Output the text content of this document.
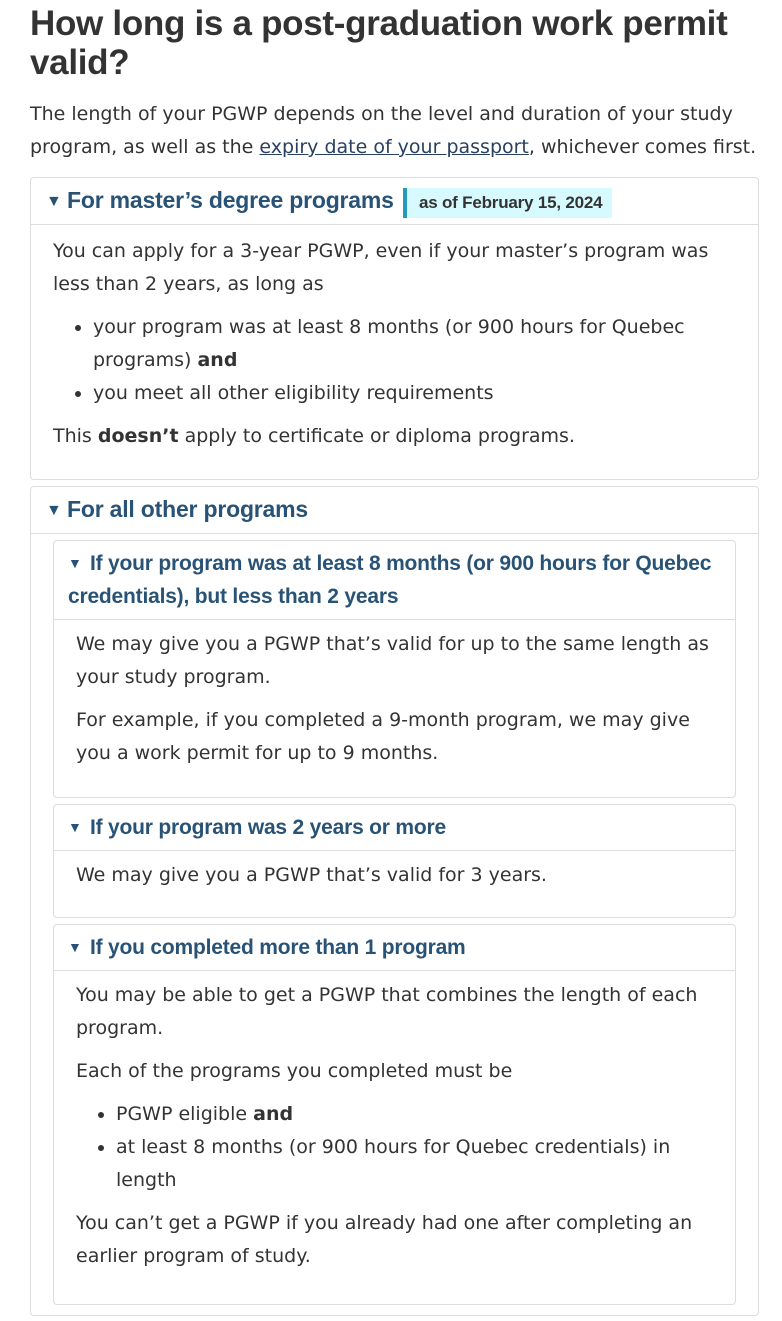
How long is a post-graduation work permit valid?

The length of your PGWP depends on the level and duration of your study program, as well as the expiry date of your passport, whichever comes first.

▼ For master’s degree programs as of February 15, 2024

You can apply for a 3-year PGWP, even if your master’s program was less than 2 years, as long as

• your program was at least 8 months (or 900 hours for Quebec programs) and
• you meet all other eligibility requirements

This doesn’t apply to certificate or diploma programs.

▼ For all other programs
▼ If your program was at least 8 months (or 900 hours for Quebec credentials), but less than 2 years

We may give you a PGWP that’s valid for up to the same length as your study program.

For example, if you completed a 9-month program, we may give you a work permit for up to 9 months.

▼ If your program was 2 years or more

We may give you a PGWP that’s valid for 3 years.

▼ If you completed more than 1 program

You may be able to get a PGWP that combines the length of each program.

Each of the programs you completed must be

• PGWP eligible and
• at least 8 months (or 900 hours for Quebec credentials) in length

You can’t get a PGWP if you already had one after completing an earlier program of study.
